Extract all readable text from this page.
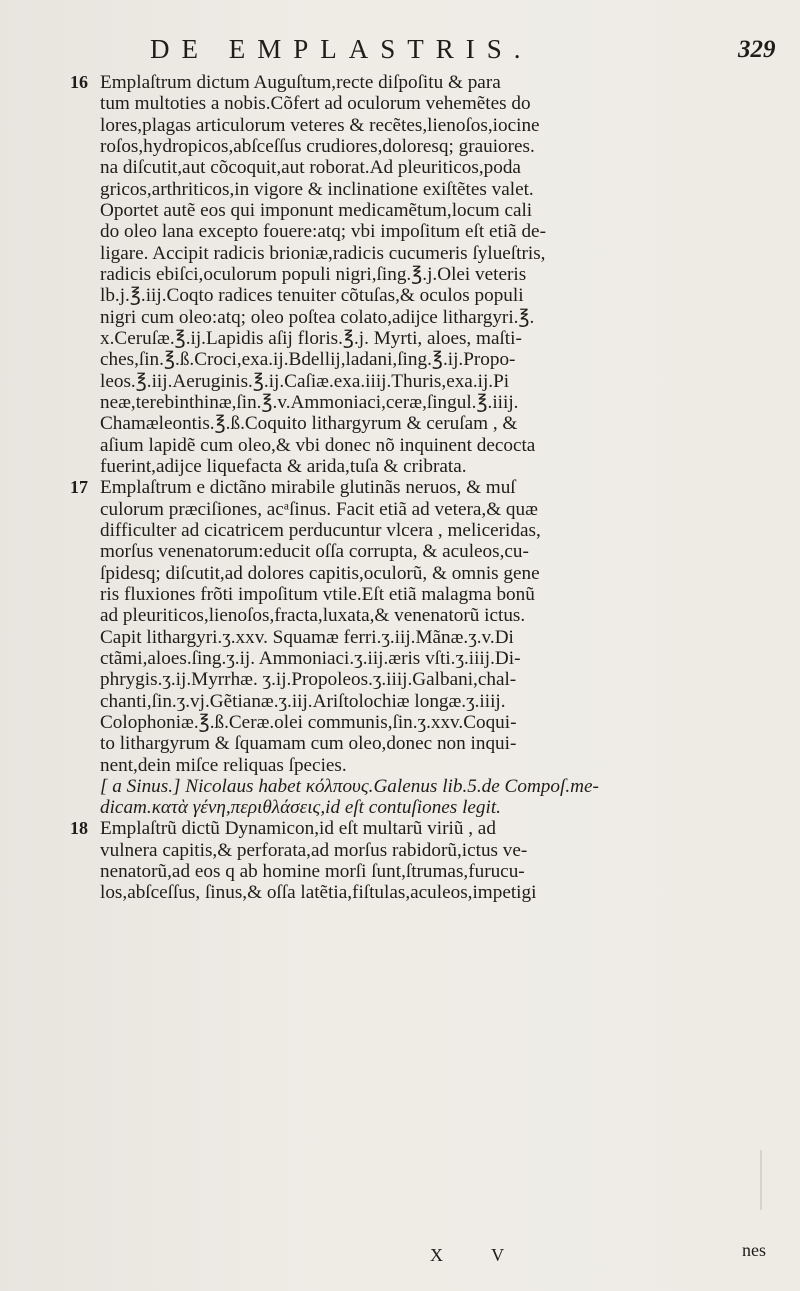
DE EMPLASTRIS.	329
16 Emplaſtrum dictum Auguſtum,recte diſpoſitu & para
tum multoties a nobis.Cõfert ad oculorum vehemẽtes do
lores,plagas articulorum veteres & recẽtes,lienoſos,iocine
roſos,hydropicos,abſceſſus crudiores,doloresq; grauiores.
na diſcutit,aut cõcoquit,aut roborat.Ad pleuriticos,poda
gricos,arthriticos,in vigore & inclinatione exiſtẽtes valet.
Oportet autẽ eos qui imponunt medicamẽtum,locum cali
do oleo lana excepto fouere:atq; vbi impoſitum eſt etiã de-
ligare. Accipit radicis brioniæ,radicis cucumeris ſylueſtris,
radicis ebiſci,oculorum populi nigri,ſing.℥.j.Olei veteris
lb.j.℥.iij.Coqto radices tenuiter cõtuſas,& oculos populi
nigri cum oleo:atq; oleo poſtea colato,adijce lithargyri.℥.
x.Ceruſæ.℥.ij.Lapidis aſij floris.℥.j. Myrti, aloes, maſti-
ches,ſin.℥.ß.Croci,exa.ij.Bdellij,ladani,ſing.℥.ij.Propo-
leos.℥.iij.Aeruginis.℥.ij.Caſiæ.exa.iiij.Thuris,exa.ij.Pi
neæ,terebinthinæ,ſin.℥.v.Ammoniaci,ceræ,ſingul.℥.iiij.
Chamæleontis.℥.ß.Coquito lithargyrum & ceruſam , &
aſium lapidẽ cum oleo,& vbi donec nõ inquinent decocta
fuerint,adijce liquefacta & arida,tuſa & cribrata.
17 Emplaſtrum e dictãno mirabile glutinãs neruos, & muſ
culorum præciſiones, acᵃſinus. Facit etiã ad vetera,& quæ
difficulter ad cicatricem perducuntur vlcera , meliceridas,
morſus venenatorum:educit oſſa corrupta, & aculeos,cu-
ſpidesq; diſcutit,ad dolores capitis,oculorũ, & omnis gene
ris fluxiones frõti impoſitum vtile.Eſt etiã malagma bonũ
ad pleuriticos,lienoſos,fracta,luxata,& venenatorũ ictus.
Capit lithargyri.ʒ.xxv. Squamæ ferri.ʒ.iij.Mãnæ.ʒ.v.Di
ctãmi,aloes.ſing.ʒ.ij. Ammoniaci.ʒ.iij.æris vſti.ʒ.iiij.Di-
phrygis.ʒ.ij.Myrrhæ. ʒ.ij.Propoleos.ʒ.iiij.Galbani,chal-
chanti,ſin.ʒ.vj.Gẽtianæ.ʒ.iij.Ariſtolochiæ longæ.ʒ.iiij.
Colophoniæ.℥.ß.Ceræ.olei communis,ſin.ʒ.xxv.Coqui-
to lithargyrum & ſquamam cum oleo,donec non inqui-
nent,dein miſce reliquas ſpecies.
[ a Sinus.] Nicolaus habet κόλπους.Galenus lib.5.de Compoſ.me-
dicam.κατὰ γένη,περιθλάσεις,id eſt contuſiones legit.
18 Emplaſtrũ dictũ Dynamicon,id eſt multarũ viriũ , ad
vulnera capitis,& perforata,ad morſus rabidorũ,ictus ve-
nenatorũ,ad eos q ab homine morſi ſunt,ſtrumas,furucu-
los,abſceſſus, ſinus,& oſſa latẽtia,fiſtulas,aculeos,impetigi
X V	nes
